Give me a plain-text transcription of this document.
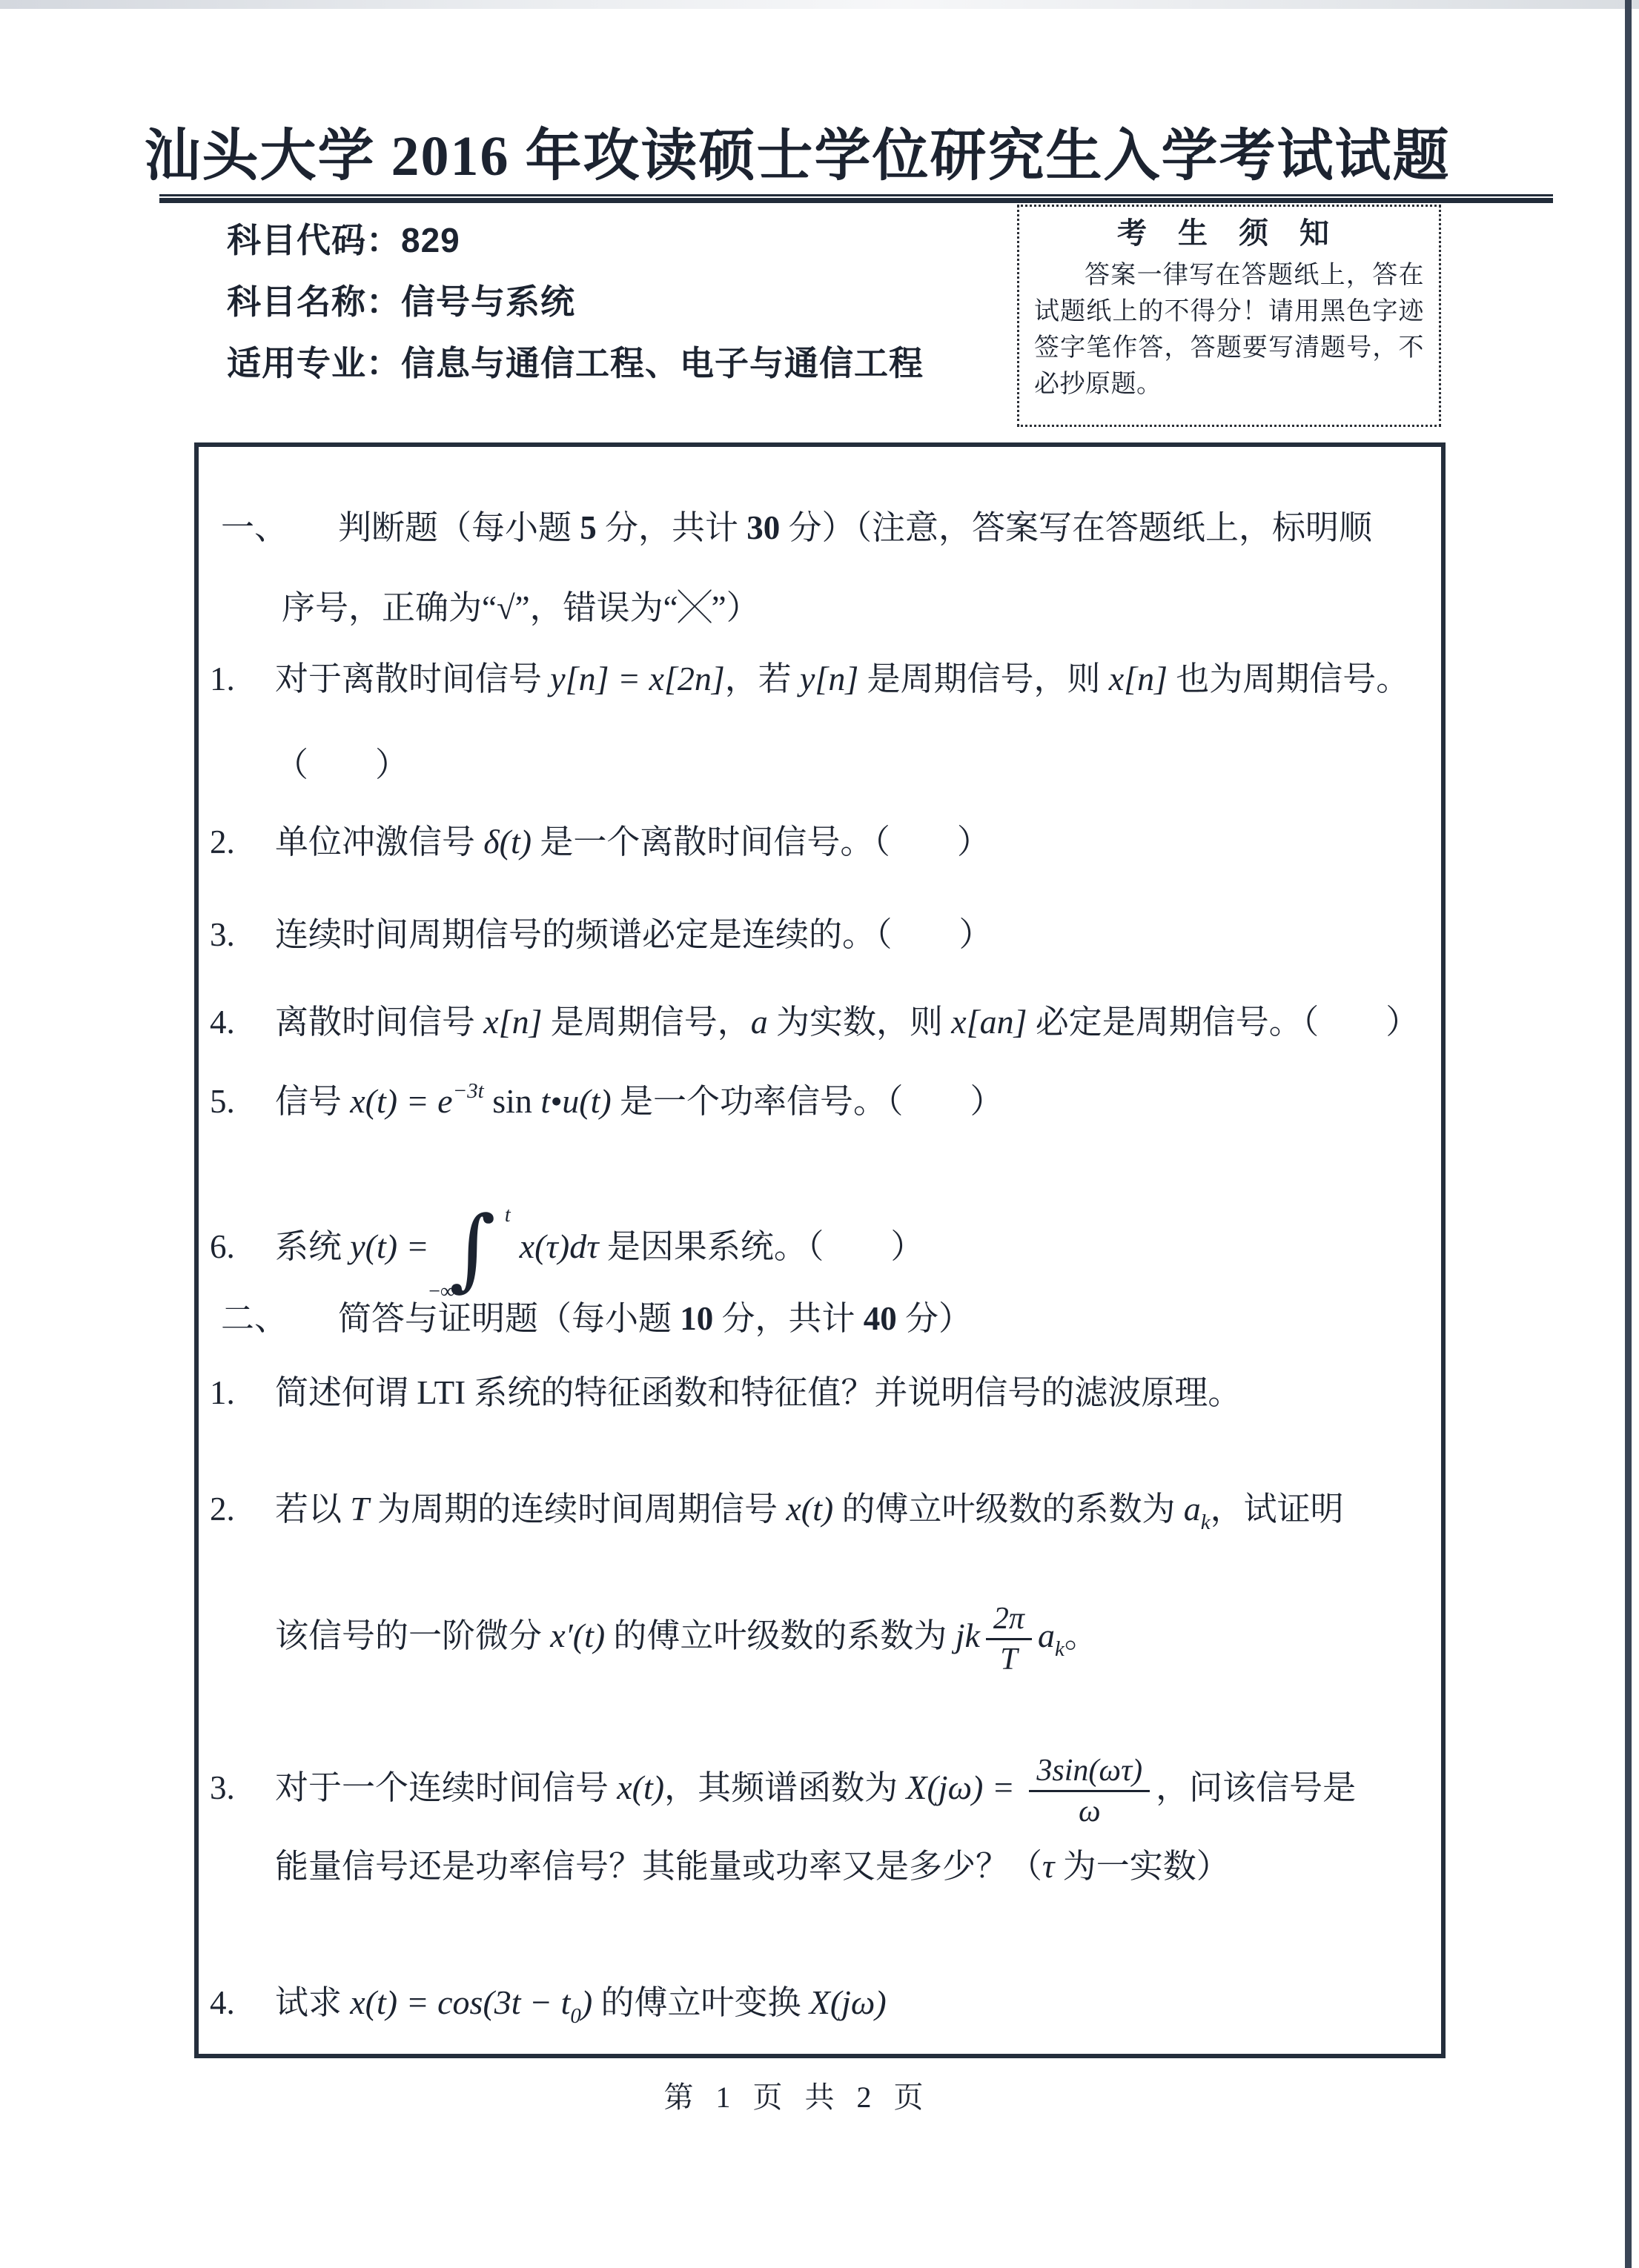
汕头大学 2016 年攻读硕士学位研究生入学考试试题
科目代码：829
科目名称：信号与系统
适用专业：信息与通信工程、电子与通信工程
考 生 须 知
答案一律写在答题纸上，答在试题纸上的不得分！请用黑色字迹签字笔作答，答题要写清题号，不必抄原题。
一、 判断题（每小题 5 分，共计 30 分）（注意，答案写在答题纸上，标明顺
序号，正确为“√”，错误为“╳”）
1. 对于离散时间信号 y[n] = x[2n]，若 y[n] 是周期信号，则 x[n] 也为周期信号。
（　　）
2. 单位冲激信号 δ(t) 是一个离散时间信号。（　　）
3. 连续时间周期信号的频谱必定是连续的。（　　）
4. 离散时间信号 x[n] 是周期信号，a 为实数，则 x[an] 必定是周期信号。（　　）
5. 信号 $x(t) = e^{-3t}$ sin t•u(t) 是一个功率信号。（　　）
6. 系统 y(t) = ∫ t
−∞
x(τ)dτ 是因果系统。（　　）
二、 简答与证明题（每小题 10 分，共计 40 分）
1. 简述何谓 LTI 系统的特征函数和特征值？并说明信号的滤波原理。
2. 若以 T 为周期的连续时间周期信号 x(t) 的傅立叶级数的系数为 $a_k$，试证明
该信号的一阶微分 x′(t) 的傅立叶级数的系数为 jk $\frac{2\pi}{T} a_k$。
3. 对于一个连续时间信号 x(t)，其频谱函数为 $X(j\omega) = \frac{3\sin(\omega\tau)}{\omega}$ ，问该信号是
能量信号还是功率信号？其能量或功率又是多少？（τ 为一实数）
4. 试求 $x(t) = \cos(3t - t_0)$ 的傅立叶变换 X(jω)
第 1 页 共 2 页
